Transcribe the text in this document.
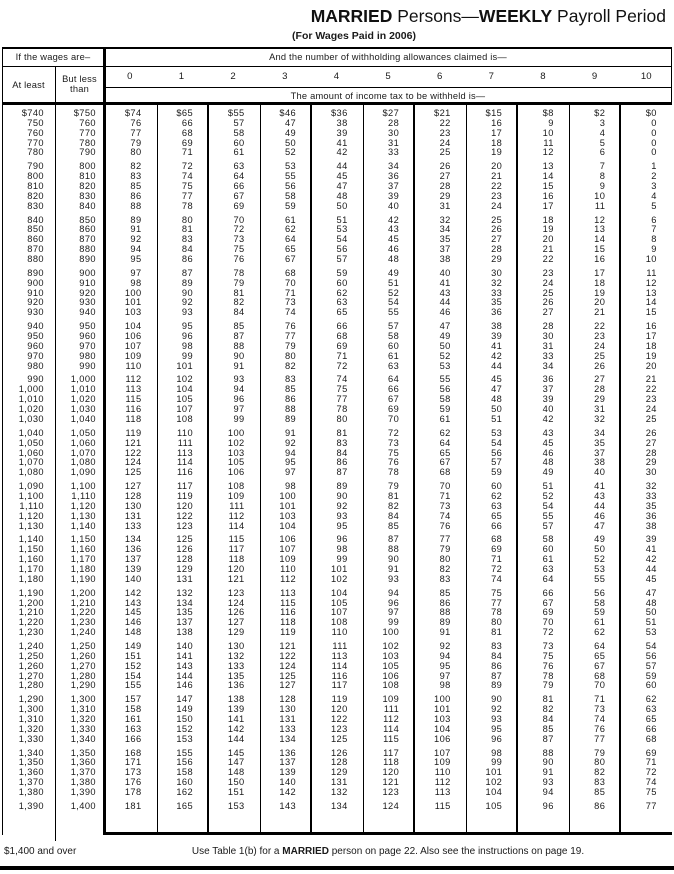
MARRIED Persons—WEEKLY Payroll Period
(For Wages Paid in 2006)
If the wages are–	And the number of withholding allowances claimed is—
At least
But less than
0	1	2	3	4	5	6	7	8	9	10
The amount of income tax to be withheld is—
$740	$750	$74	$65	$55	$46	$36	$27	$21	$15	$8	$2	$0
750	760	76	66	57	47	38	28	22	16	9	3	0
760	770	77	68	58	49	39	30	23	17	10	4	0
770	780	79	69	60	50	41	31	24	18	11	5	0
780	790	80	71	61	52	42	33	25	19	12	6	0
790	800	82	72	63	53	44	34	26	20	13	7	1
800	810	83	74	64	55	45	36	27	21	14	8	2
810	820	85	75	66	56	47	37	28	22	15	9	3
820	830	86	77	67	58	48	39	29	23	16	10	4
830	840	88	78	69	59	50	40	31	24	17	11	5
840	850	89	80	70	61	51	42	32	25	18	12	6
850	860	91	81	72	62	53	43	34	26	19	13	7
860	870	92	83	73	64	54	45	35	27	20	14	8
870	880	94	84	75	65	56	46	37	28	21	15	9
880	890	95	86	76	67	57	48	38	29	22	16	10
890	900	97	87	78	68	59	49	40	30	23	17	11
900	910	98	89	79	70	60	51	41	32	24	18	12
910	920	100	90	81	71	62	52	43	33	25	19	13
920	930	101	92	82	73	63	54	44	35	26	20	14
930	940	103	93	84	74	65	55	46	36	27	21	15
940	950	104	95	85	76	66	57	47	38	28	22	16
950	960	106	96	87	77	68	58	49	39	30	23	17
960	970	107	98	88	79	69	60	50	41	31	24	18
970	980	109	99	90	80	71	61	52	42	33	25	19
980	990	110	101	91	82	72	63	53	44	34	26	20
990	1,000	112	102	93	83	74	64	55	45	36	27	21
1,000	1,010	113	104	94	85	75	66	56	47	37	28	22
1,010	1,020	115	105	96	86	77	67	58	48	39	29	23
1,020	1,030	116	107	97	88	78	69	59	50	40	31	24
1,030	1,040	118	108	99	89	80	70	61	51	42	32	25
1,040	1,050	119	110	100	91	81	72	62	53	43	34	26
1,050	1,060	121	111	102	92	83	73	64	54	45	35	27
1,060	1,070	122	113	103	94	84	75	65	56	46	37	28
1,070	1,080	124	114	105	95	86	76	67	57	48	38	29
1,080	1,090	125	116	106	97	87	78	68	59	49	40	30
1,090	1,100	127	117	108	98	89	79	70	60	51	41	32
1,100	1,110	128	119	109	100	90	81	71	62	52	43	33
1,110	1,120	130	120	111	101	92	82	73	63	54	44	35
1,120	1,130	131	122	112	103	93	84	74	65	55	46	36
1,130	1,140	133	123	114	104	95	85	76	66	57	47	38
1,140	1,150	134	125	115	106	96	87	77	68	58	49	39
1,150	1,160	136	126	117	107	98	88	79	69	60	50	41
1,160	1,170	137	128	118	109	99	90	80	71	61	52	42
1,170	1,180	139	129	120	110	101	91	82	72	63	53	44
1,180	1,190	140	131	121	112	102	93	83	74	64	55	45
1,190	1,200	142	132	123	113	104	94	85	75	66	56	47
1,200	1,210	143	134	124	115	105	96	86	77	67	58	48
1,210	1,220	145	135	126	116	107	97	88	78	69	59	50
1,220	1,230	146	137	127	118	108	99	89	80	70	61	51
1,230	1,240	148	138	129	119	110	100	91	81	72	62	53
1,240	1,250	149	140	130	121	111	102	92	83	73	64	54
1,250	1,260	151	141	132	122	113	103	94	84	75	65	56
1,260	1,270	152	143	133	124	114	105	95	86	76	67	57
1,270	1,280	154	144	135	125	116	106	97	87	78	68	59
1,280	1,290	155	146	136	127	117	108	98	89	79	70	60
1,290	1,300	157	147	138	128	119	109	100	90	81	71	62
1,300	1,310	158	149	139	130	120	111	101	92	82	73	63
1,310	1,320	161	150	141	131	122	112	103	93	84	74	65
1,320	1,330	163	152	142	133	123	114	104	95	85	76	66
1,330	1,340	166	153	144	134	125	115	106	96	87	77	68
1,340	1,350	168	155	145	136	126	117	107	98	88	79	69
1,350	1,360	171	156	147	137	128	118	109	99	90	80	71
1,360	1,370	173	158	148	139	129	120	110	101	91	82	72
1,370	1,380	176	160	150	140	131	121	112	102	93	83	74
1,380	1,390	178	162	151	142	132	123	113	104	94	85	75
1,390	1,400	181	165	153	143	134	124	115	105	96	86	77
$1,400 and over	Use Table 1(b) for a MARRIED person on page 22. Also see the instructions on page 19.
